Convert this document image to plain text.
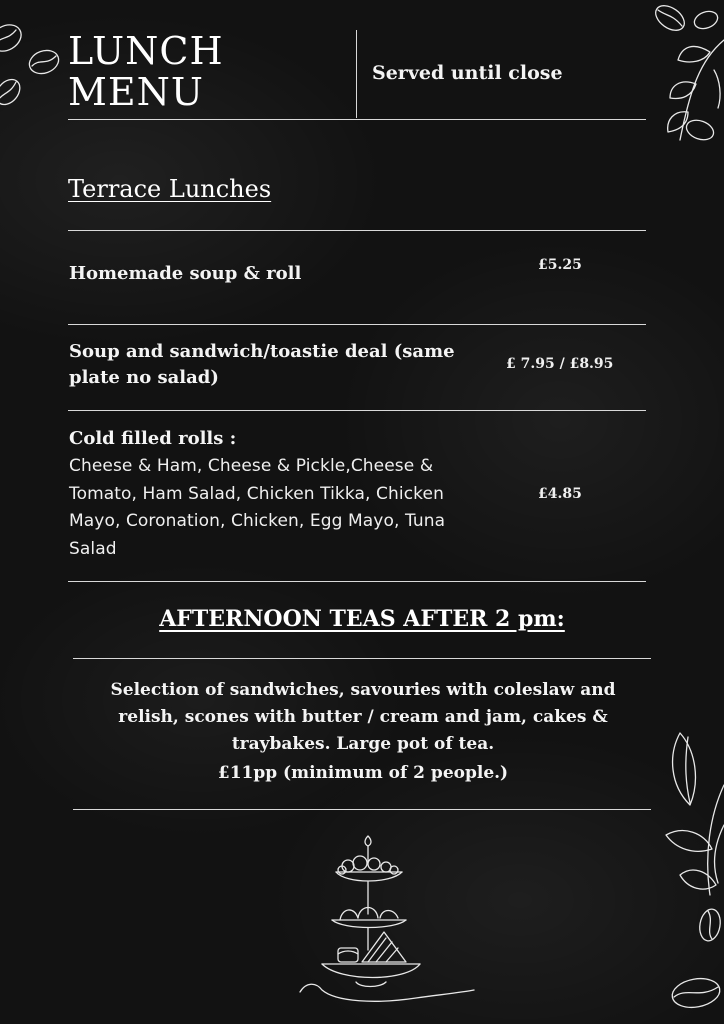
LUNCH
MENU	Served until close
Terrace Lunches
Homemade soup & roll	£5.25
Soup and sandwich/toastie deal (same plate no salad)
£ 7.95 / £8.95
Cold filled rolls :
Cheese & Ham, Cheese & Pickle,Cheese & Tomato, Ham Salad, Chicken Tikka, Chicken Mayo, Coronation, Chicken, Egg Mayo, Tuna Salad
£4.85
AFTERNOON TEAS AFTER 2 pm:
Selection of sandwiches, savouries with coleslaw and relish, scones with butter / cream and jam, cakes & traybakes. Large pot of tea.
£11pp (minimum of 2 people.)
